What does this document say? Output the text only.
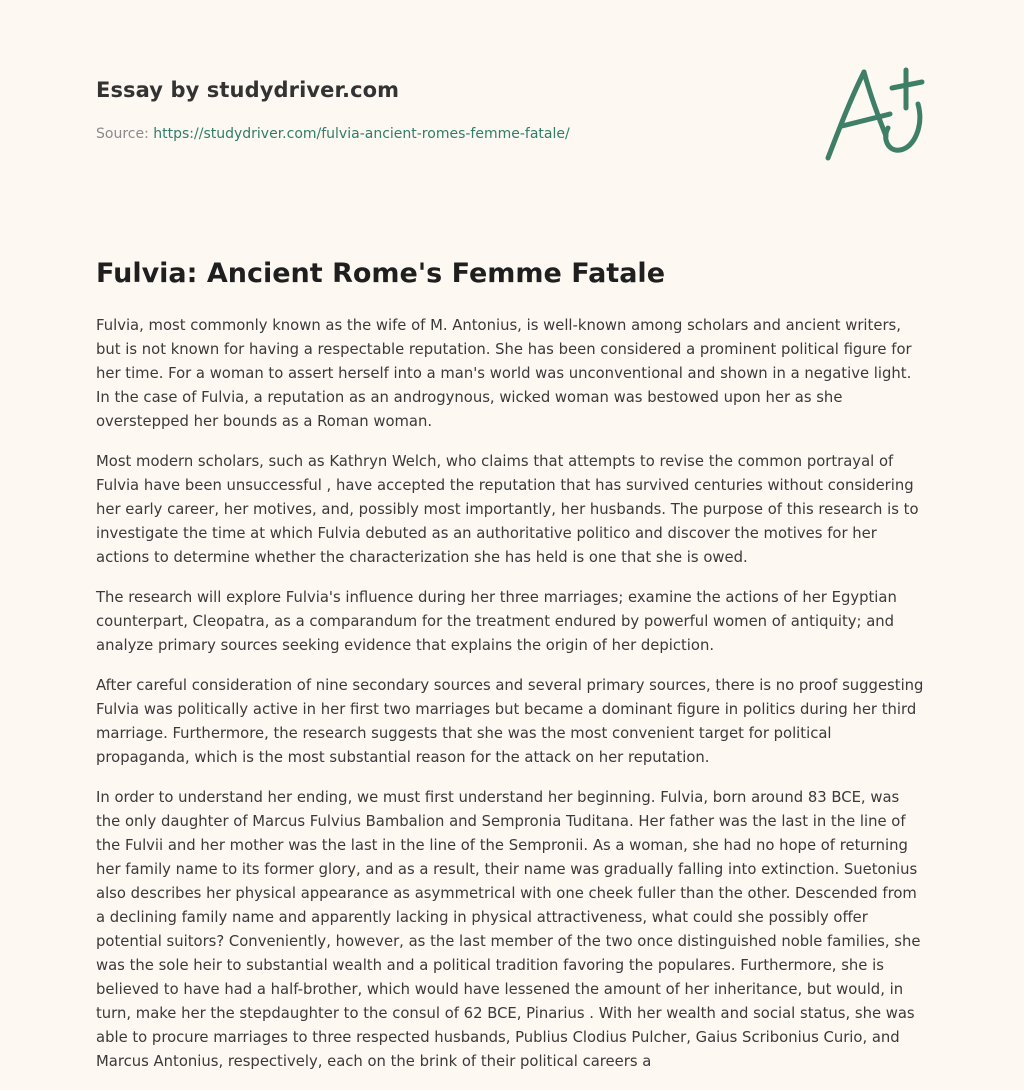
Essay by studydriver.com
Source: https://studydriver.com/fulvia-ancient-romes-femme-fatale/
Fulvia: Ancient Rome's Femme Fatale

Fulvia, most commonly known as the wife of M. Antonius, is well-known among scholars and ancient writers, but is not known for having a respectable reputation. She has been considered a prominent political figure for her time. For a woman to assert herself into a man's world was unconventional and shown in a negative light. In the case of Fulvia, a reputation as an androgynous, wicked woman was bestowed upon her as she overstepped her bounds as a Roman woman.

Most modern scholars, such as Kathryn Welch, who claims that attempts to revise the common portrayal of Fulvia have been unsuccessful , have accepted the reputation that has survived centuries without considering her early career, her motives, and, possibly most importantly, her husbands. The purpose of this research is to investigate the time at which Fulvia debuted as an authoritative politico and discover the motives for her actions to determine whether the characterization she has held is one that she is owed.

The research will explore Fulvia's influence during her three marriages; examine the actions of her Egyptian counterpart, Cleopatra, as a comparandum for the treatment endured by powerful women of antiquity; and analyze primary sources seeking evidence that explains the origin of her depiction.

After careful consideration of nine secondary sources and several primary sources, there is no proof suggesting Fulvia was politically active in her first two marriages but became a dominant figure in politics during her third marriage. Furthermore, the research suggests that she was the most convenient target for political propaganda, which is the most substantial reason for the attack on her reputation.

In order to understand her ending, we must first understand her beginning. Fulvia, born around 83 BCE, was the only daughter of Marcus Fulvius Bambalion and Sempronia Tuditana. Her father was the last in the line of the Fulvii and her mother was the last in the line of the Sempronii. As a woman, she had no hope of returning her family name to its former glory, and as a result, their name was gradually falling into extinction. Suetonius also describes her physical appearance as asymmetrical with one cheek fuller than the other. Descended from a declining family name and apparently lacking in physical attractiveness, what could she possibly offer potential suitors? Conveniently, however, as the last member of the two once distinguished noble families, she was the sole heir to substantial wealth and a political tradition favoring the populares. Furthermore, she is believed to have had a half-brother, which would have lessened the amount of her inheritance, but would, in turn, make her the stepdaughter to the consul of 62 BCE, Pinarius . With her wealth and social status, she was able to procure marriages to three respected husbands, Publius Clodius Pulcher, Gaius Scribonius Curio, and Marcus Antonius, respectively, each on the brink of their political careers a
